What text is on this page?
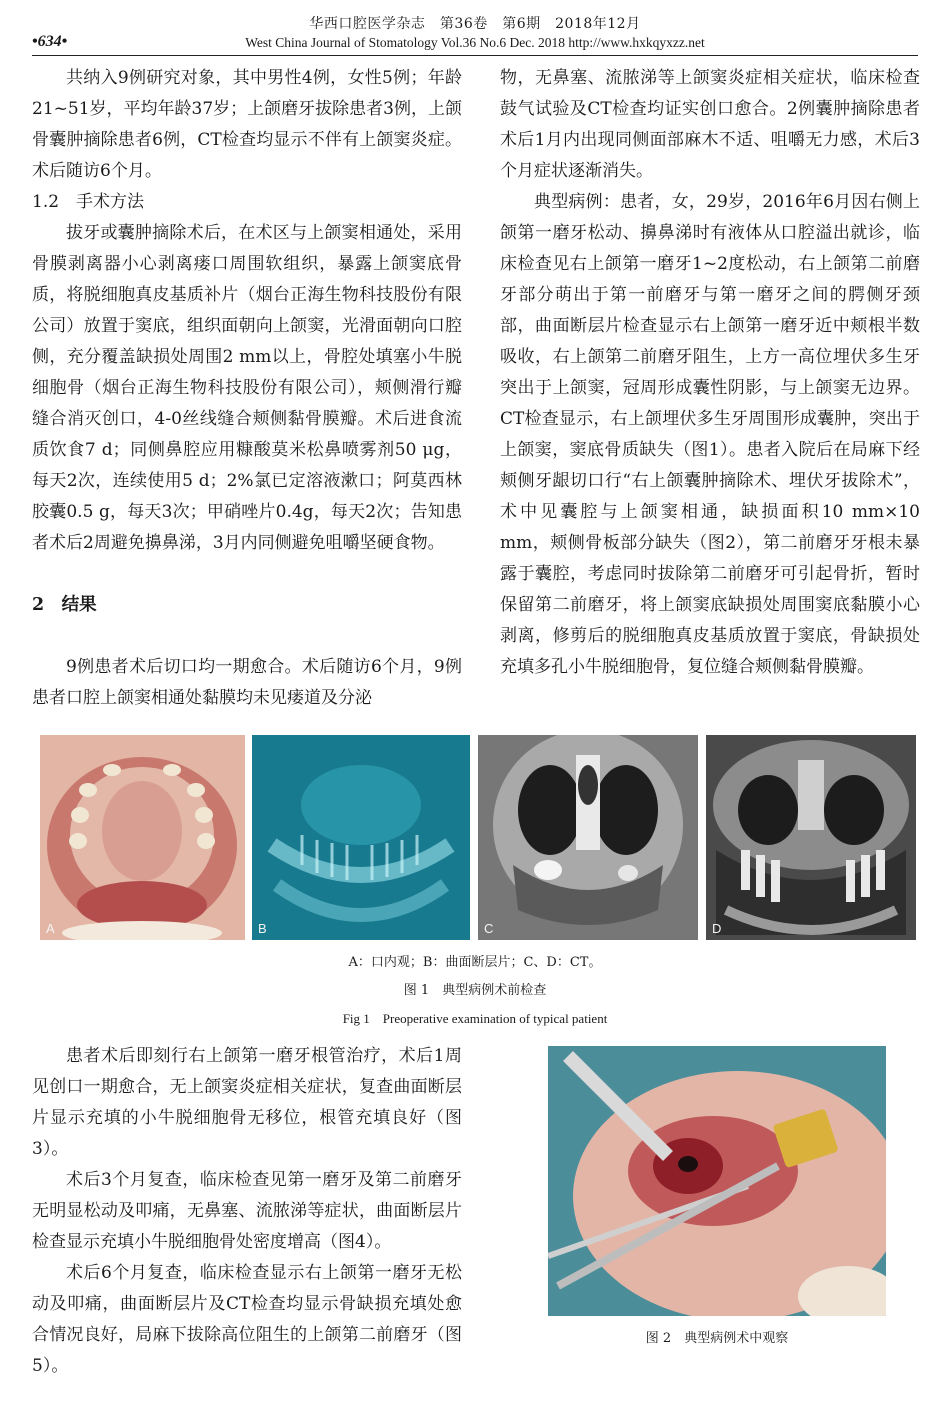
华西口腔医学杂志　第36卷　第6期　2018年12月
•634•	West China Journal of Stomatology Vol.36 No.6 Dec. 2018 http://www.hxkqyxzz.net

共纳入9例研究对象，其中男性4例，女性5例；年龄21~51岁，平均年龄37岁；上颌磨牙拔除患者3例，上颌骨囊肿摘除患者6例，CT检查均显示不伴有上颌窦炎症。术后随访6个月。

1.2　手术方法

拔牙或囊肿摘除术后，在术区与上颌窦相通处，采用骨膜剥离器小心剥离瘘口周围软组织，暴露上颌窦底骨质，将脱细胞真皮基质补片（烟台正海生物科技股份有限公司）放置于窦底，组织面朝向上颌窦，光滑面朝向口腔侧，充分覆盖缺损处周围2 mm以上，骨腔处填塞小牛脱细胞骨（烟台正海生物科技股份有限公司），颊侧滑行瓣缝合消灭创口，4-0丝线缝合颊侧黏骨膜瓣。术后进食流质饮食7 d；同侧鼻腔应用糠酸莫米松鼻喷雾剂50 μg，每天2次，连续使用5 d；2%氯已定溶液漱口；阿莫西林胶囊0.5 g，每天3次；甲硝唑片0.4g，每天2次；告知患者术后2周避免擤鼻涕，3月内同侧避免咀嚼坚硬食物。

2　结果

9例患者术后切口均一期愈合。术后随访6个月，9例患者口腔上颌窦相通处黏膜均未见瘘道及分泌

物，无鼻塞、流脓涕等上颌窦炎症相关症状，临床检查鼓气试验及CT检查均证实创口愈合。2例囊肿摘除患者术后1月内出现同侧面部麻木不适、咀嚼无力感，术后3个月症状逐渐消失。

典型病例：患者，女，29岁，2016年6月因右侧上颌第一磨牙松动、擤鼻涕时有液体从口腔溢出就诊，临床检查见右上颌第一磨牙1~2度松动，右上颌第二前磨牙部分萌出于第一前磨牙与第一磨牙之间的腭侧牙颈部，曲面断层片检查显示右上颌第一磨牙近中颊根半数吸收，右上颌第二前磨牙阻生，上方一高位埋伏多生牙突出于上颌窦，冠周形成囊性阴影，与上颌窦无边界。CT检查显示，右上颌埋伏多生牙周围形成囊肿，突出于上颌窦，窦底骨质缺失（图1）。患者入院后在局麻下经颊侧牙龈切口行“右上颌囊肿摘除术、埋伏牙拔除术”，术中见囊腔与上颌窦相通，缺损面积10 mm×10 mm，颊侧骨板部分缺失（图2），第二前磨牙牙根未暴露于囊腔，考虑同时拔除第二前磨牙可引起骨折，暂时保留第二前磨牙，将上颌窦底缺损处周围窦底黏膜小心剥离，修剪后的脱细胞真皮基质放置于窦底，骨缺损处充填多孔小牛脱细胞骨，复位缝合颊侧黏骨膜瓣。

A	B	C	D
A：口内观；B：曲面断层片；C、D：CT。
图 1　典型病例术前检查
Fig 1　Preoperative examination of typical patient

患者术后即刻行右上颌第一磨牙根管治疗，术后1周见创口一期愈合，无上颌窦炎症相关症状，复查曲面断层片显示充填的小牛脱细胞骨无移位，根管充填良好（图3）。

术后3个月复查，临床检查见第一磨牙及第二前磨牙无明显松动及叩痛，无鼻塞、流脓涕等症状，曲面断层片检查显示充填小牛脱细胞骨处密度增高（图4）。

术后6个月复查，临床检查显示右上颌第一磨牙无松动及叩痛，曲面断层片及CT检查均显示骨缺损充填处愈合情况良好，局麻下拔除高位阻生的上颌第二前磨牙（图5）。

图 2　典型病例术中观察
